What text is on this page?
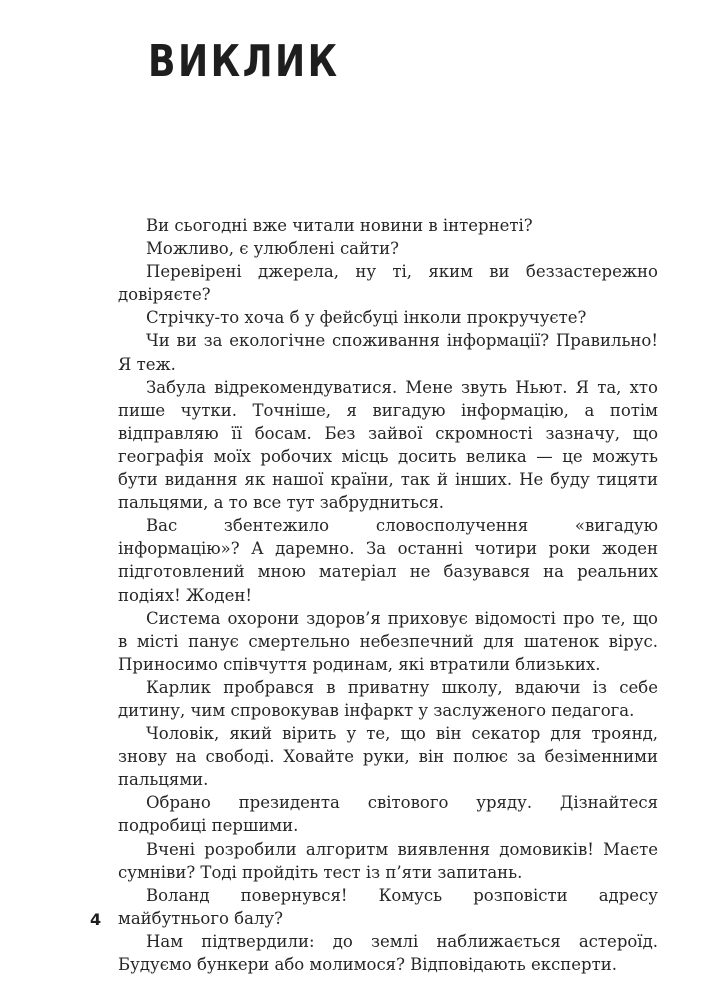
ВИКЛИК

Ви сьогодні вже читали новини в інтернеті?

Можливо, є улюблені сайти?

Перевірені джерела, ну ті, яким ви беззастережно довіряєте?

Стрічку-то хоча б у фейсбуці інколи прокручуєте?

Чи ви за екологічне споживання інформації? Правильно! Я теж.

Забула відрекомендуватися. Мене звуть Ньют. Я та, хто пише чутки. Точніше, я вигадую інформацію, а потім відправляю її босам. Без зайвої скромності зазначу, що географія моїх робочих місць досить велика — це можуть бути видання як нашої країни, так й інших. Не буду тицяти пальцями, а то все тут забрудниться.

Вас збентежило словосполучення «вигадую інформацію»? А даремно. За останні чотири роки жоден підготовлений мною матеріал не базувався на реальних подіях! Жоден!

Система охорони здоров’я приховує відомості про те, що в місті панує смертельно небезпечний для шатенок вірус. Приносимо співчуття родинам, які втратили близьких.

Карлик пробрався в приватну школу, вдаючи із себе дитину, чим спровокував інфаркт у заслуженого педагога.

Чоловік, який вірить у те, що він секатор для троянд, знову на свободі. Ховайте руки, він полює за безіменними пальцями.

Обрано президента світового уряду. Дізнайтеся подробиці першими.

Вчені розробили алгоритм виявлення домовиків! Маєте сумніви? Тоді пройдіть тест із п’яти запитань.

Воланд повернувся! Комусь розповісти адресу майбутнього балу?

Нам підтвердили: до землі наближається астероїд. Будуємо бункери або молимося? Відповідають експерти.

4
